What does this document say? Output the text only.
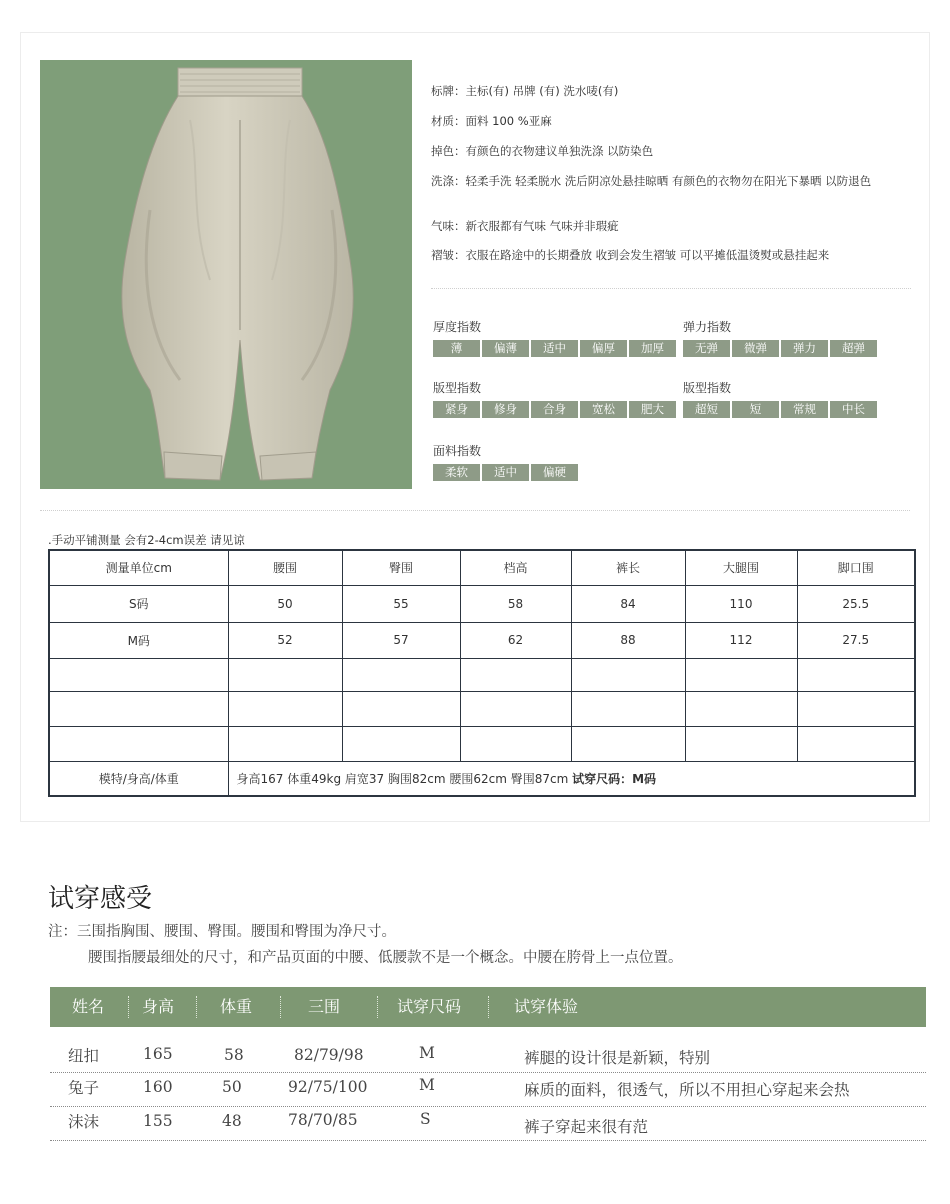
标牌：主标(有) 吊牌 (有) 洗水唛(有)
材质：面料 100 %亚麻
掉色：有颜色的衣物建议单独洗涤 以防染色
洗涤：轻柔手洗 轻柔脱水 洗后阴凉处悬挂晾晒 有颜色的衣物勿在阳光下暴晒 以防退色
气味：新衣服都有气味 气味并非瑕疵
褶皱：衣服在路途中的长期叠放 收到会发生褶皱 可以平摊低温烫熨或悬挂起来
厚度指数
薄	偏薄	适中	偏厚	加厚
弹力指数
无弹	微弹	弹力	超弹
版型指数
紧身	修身	合身	宽松	肥大
版型指数
超短	短	常规	中长
面料指数
柔软	适中	偏硬
.手动平铺测量 会有2-4cm误差 请见谅
测量单位cm	腰围	臀围	档高	裤长	大腿围	脚口围
S码	50	55	58	84	110	25.5
M码	52	57	62	88	112	27.5

模特/身高/体重	身高167 体重49kg 肩宽37 胸围82cm 腰围62cm 臀围87cm 试穿尺码：M码					
试穿感受
注：三围指胸围、腰围、臀围。腰围和臀围为净尺寸。
腰围指腰最细处的尺寸，和产品页面的中腰、低腰款不是一个概念。中腰在胯骨上一点位置。
姓名 身高	体重	三围	试穿尺码	试穿体验
纽扣	165	58	82/79/98	M	裤腿的设计很是新颖，特别
兔子	160	50	92/75/100	M	麻质的面料，很透气，所以不用担心穿起来会热
沫沫	155	48	78/70/85	S	裤子穿起来很有范
